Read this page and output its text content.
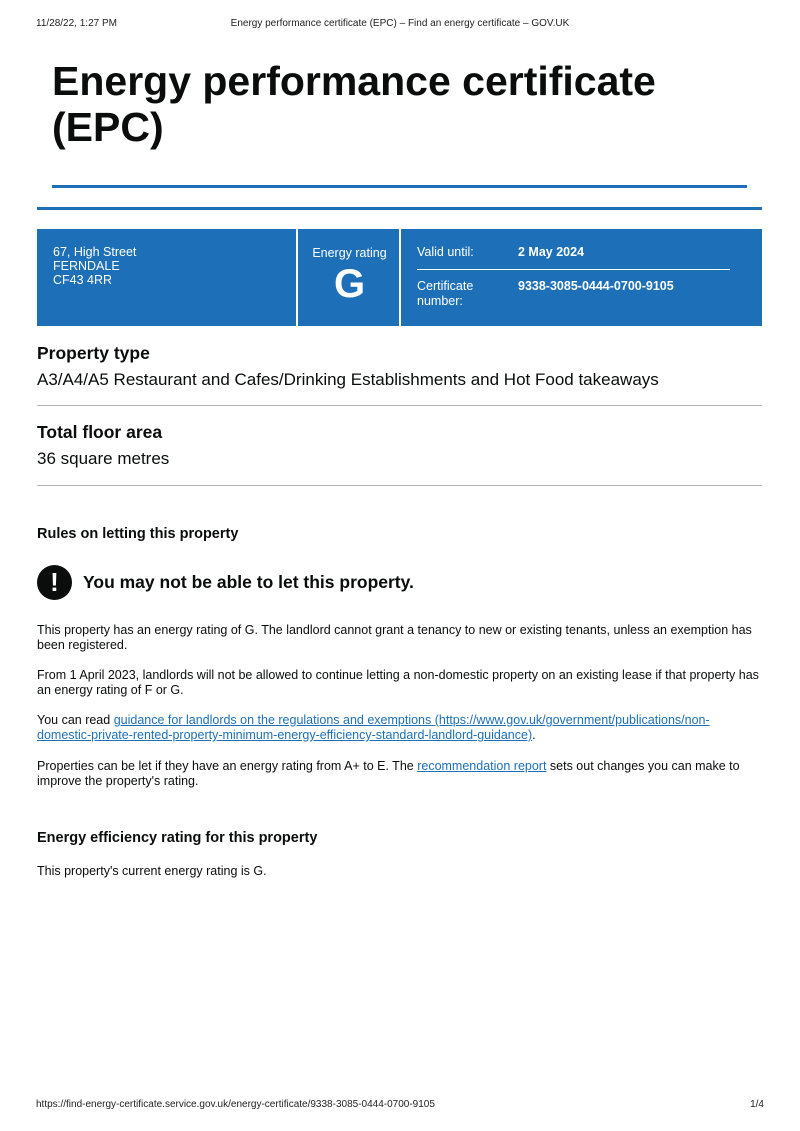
11/28/22, 1:27 PM	Energy performance certificate (EPC) – Find an energy certificate – GOV.UK
Energy performance certificate (EPC)
67, High Street
FERNDALE
CF43 4RR
Energy rating
G
Valid until:	2 May 2024
Certificate number:
9338-3085-0444-0700-9105
Property type

A3/A4/A5 Restaurant and Cafes/Drinking Establishments and Hot Food takeaways

Total floor area

36 square metres

Rules on letting this property
!	You may not be able to let this property.

This property has an energy rating of G. The landlord cannot grant a tenancy to new or existing tenants, unless an exemption has been registered.

From 1 April 2023, landlords will not be allowed to continue letting a non-domestic property on an existing lease if that property has an energy rating of F or G.

You can read guidance for landlords on the regulations and exemptions (https://www.gov.uk/government/publications/non-domestic-private-rented-property-minimum-energy-efficiency-standard-landlord-guidance).

Properties can be let if they have an energy rating from A+ to E. The recommendation report sets out changes you can make to improve the property's rating.

Energy efficiency rating for this property

This property's current energy rating is G.

https://find-energy-certificate.service.gov.uk/energy-certificate/9338-3085-0444-0700-9105	1/4
